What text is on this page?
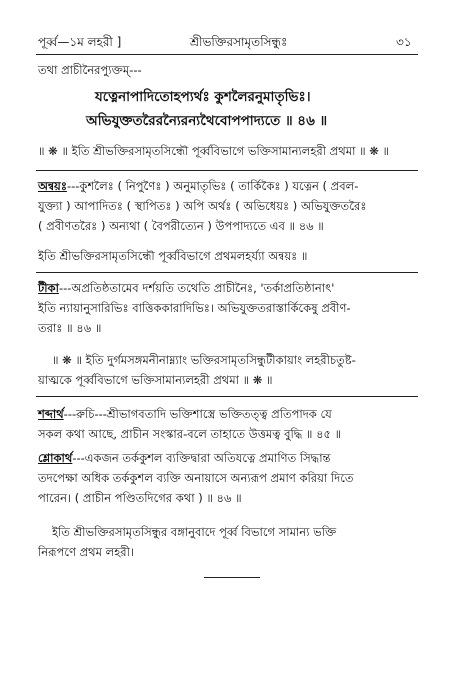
পূর্ব্ব—১ম লহরী ]	শ্রীভক্তিরসামৃতসিন্ধুঃ	৩১
তথা প্রাচীনৈরপ্যুক্তম্‌---
যত্নেনাপাদিতোহপ্যর্থঃ কুশলৈরনুমাতৃভিঃ।
অভিযুক্ততরৈরন্যৈরন্যথৈবোপপাদ্যতে ॥ ৪৬ ॥
॥ ❋ ॥ ইতি শ্রীভক্তিরসামৃতসিন্ধৌ পূর্ব্ববিভাগে ভক্তিসামান্যলহরী প্রথমা ॥ ❋ ॥
অন্বয়ঃ---কুশলৈঃ ( নিপুণৈঃ ) অনুমাতৃভিঃ ( তার্কিকৈঃ ) যত্নেন ( প্রবল-
যুক্ত্যা ) আপাদিতঃ ( স্থাপিতঃ ) অপি অর্থঃ ( অভিধেয়ঃ ) অভিযুক্ততরৈঃ
( প্রবীণতরৈঃ ) অন্যথা ( বৈপরীত্যেন ) উপপাদ্যতে এব ॥ ৪৬ ॥
ইতি শ্রীভক্তিরসামৃতসিন্ধৌ পূর্ব্ববিভাগে প্রথমলহর্য্যা অন্বয়ঃ ॥
টীকা---অপ্রতিষ্ঠতামেব দর্শয়তি তথেতি প্রাচীনৈঃ, 'তর্কাপ্রতিষ্ঠানাৎ'
ইতি ন্যায়ানুসারিভিঃ বাত্তিককারাদিভিঃ। অভিযুক্ততরাস্তার্কিকেষু প্রবীণ-
তরাঃ ॥ ৪৬ ॥
॥ ❋ ॥ ইতি দুর্গমসঙ্গমনীনাম্ন্যাং ভক্তিরসামৃতসিন্ধুটীকায়াং লহরীচতুষ্ট-
য়াত্মকে পূর্ব্ববিভাগে ভক্তিসামান্যলহরী প্রথমা ॥ ❋ ॥
শব্দার্থ---রুচি---শ্রীভাগবতাদি ভক্তিশাস্ত্রে ভক্তিতত্ত্ব প্রতিপাদক যে
সকল কথা আছে, প্রাচীন সংস্কার-বলে তাহাতে উত্তমত্ব বুদ্ধি ॥ ৪৫ ॥
শ্লোকার্থ---একজন তর্ককুশল ব্যক্তিদ্বারা অতিযত্নে প্রমাণিত সিদ্ধান্ত
তদপেক্ষা অধিক তর্ককুশল ব্যক্তি অনায়াসে অন্যরূপ প্রমাণ করিয়া দিতে
পারেন। ( প্রাচীন পণ্ডিতদিগের কথা ) ॥ ৪৬ ॥
ইতি শ্রীভক্তিরসামৃতসিন্ধুর বঙ্গানুবাদে পূর্ব্ব বিভাগে সামান্য ভক্তি
নিরূপণে প্রথম লহরী।
